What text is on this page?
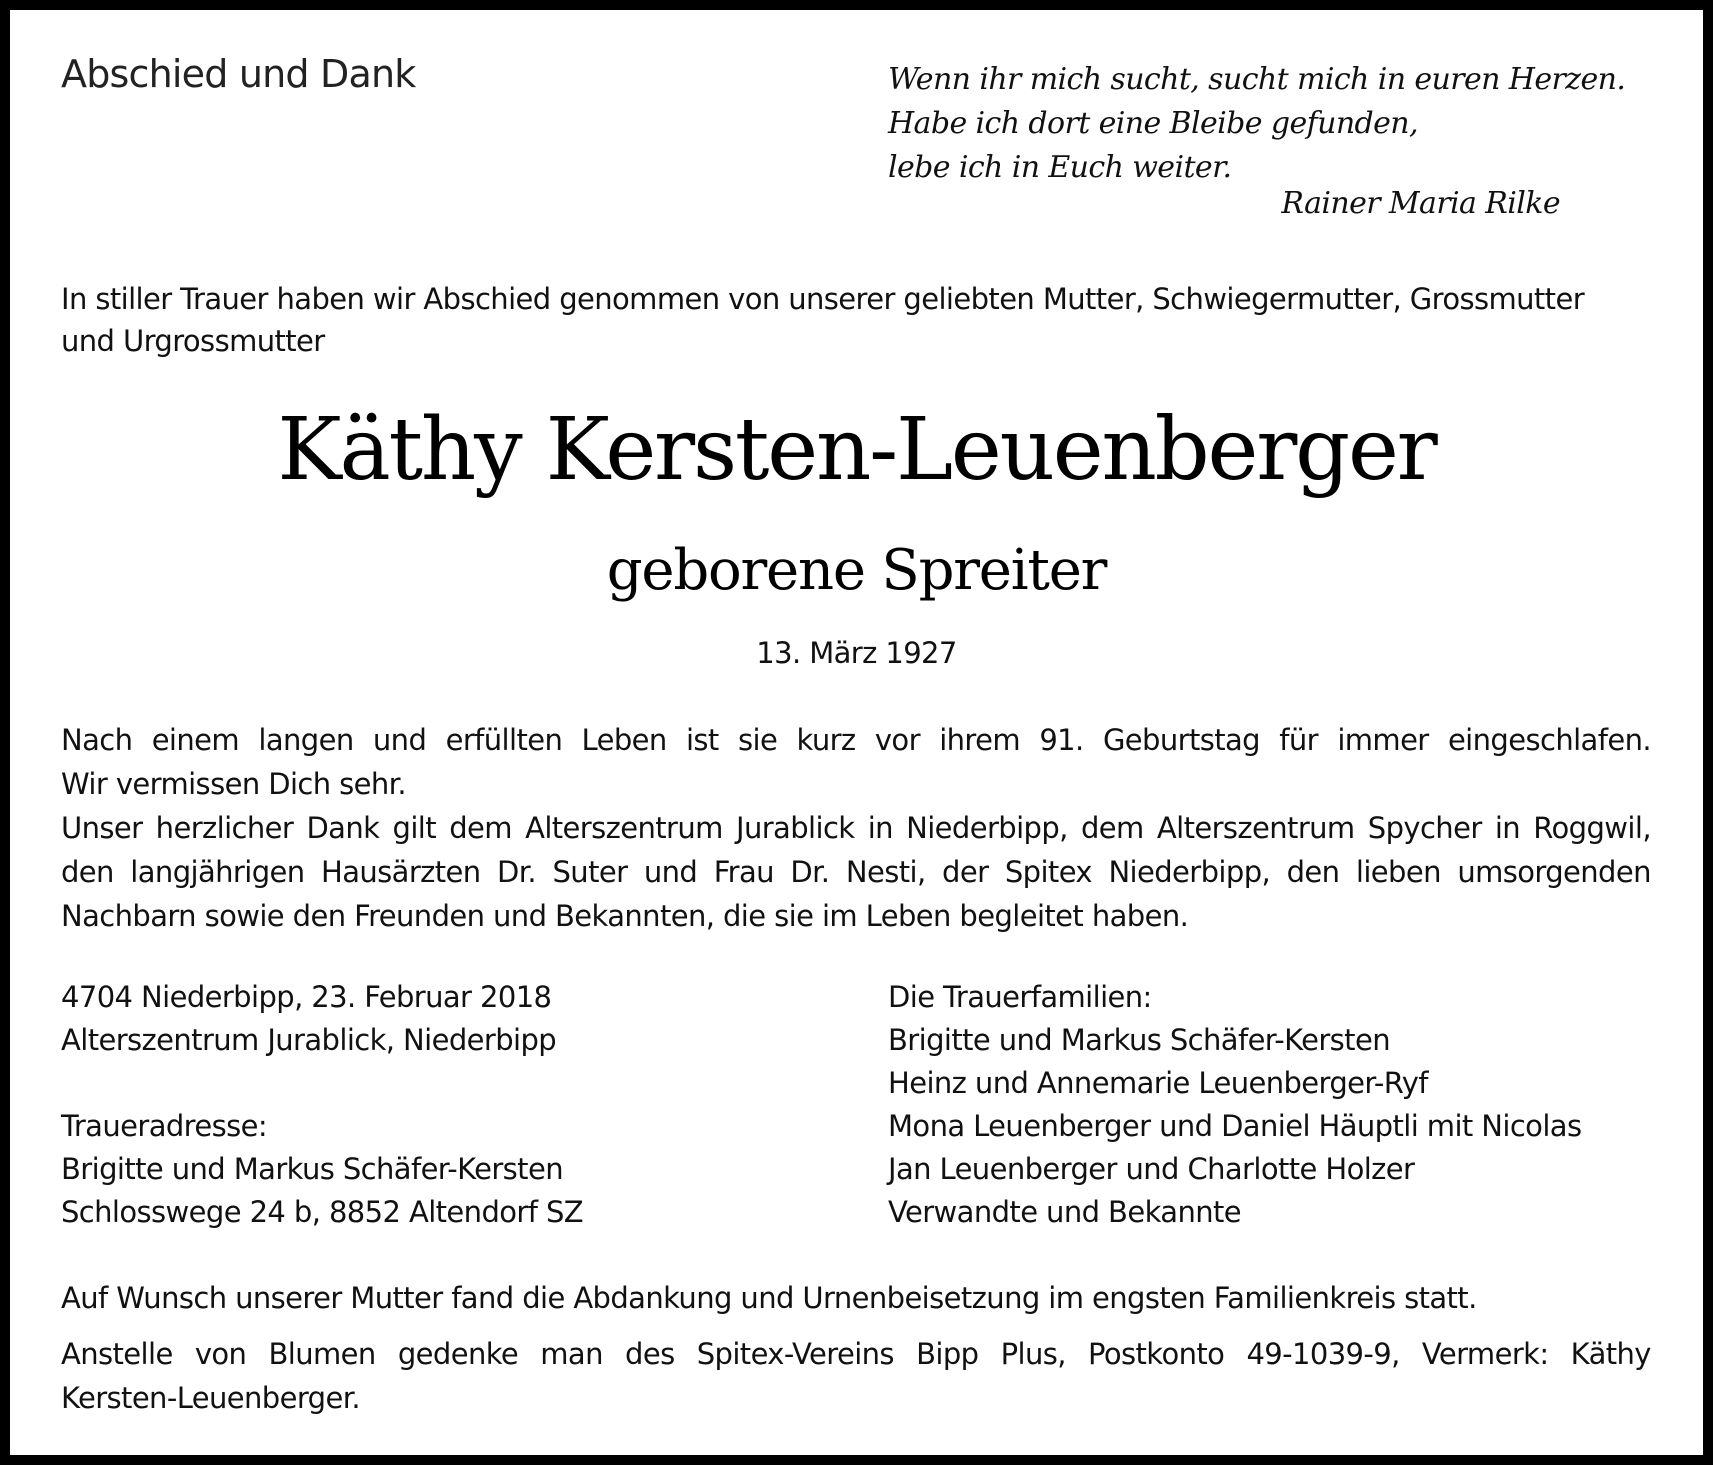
Abschied und Dank	Wenn ihr mich sucht, sucht mich in euren Herzen.
Habe ich dort eine Bleibe gefunden,
lebe ich in Euch weiter.
Rainer Maria Rilke
In stiller Trauer haben wir Abschied genommen von unserer geliebten Mutter, Schwiegermutter, Grossmutter
und Urgrossmutter
Käthy Kersten-Leuenberger
geborene Spreiter
13. März 1927
Nach einem langen und erfüllten Leben ist sie kurz vor ihrem 91. Geburtstag für immer eingeschlafen.
Wir vermissen Dich sehr.
Unser herzlicher Dank gilt dem Alterszentrum Jurablick in Niederbipp, dem Alterszentrum Spycher in Roggwil,
den langjährigen Hausärzten Dr. Suter und Frau Dr. Nesti, der Spitex Niederbipp, den lieben umsorgenden
Nachbarn sowie den Freunden und Bekannten, die sie im Leben begleitet haben.
4704 Niederbipp, 23. Februar 2018
Alterszentrum Jurablick, Niederbipp
Traueradresse:
Brigitte und Markus Schäfer-Kersten
Schlosswege 24 b, 8852 Altendorf SZ
Die Trauerfamilien:
Brigitte und Markus Schäfer-Kersten
Heinz und Annemarie Leuenberger-Ryf
Mona Leuenberger und Daniel Häuptli mit Nicolas
Jan Leuenberger und Charlotte Holzer
Verwandte und Bekannte
Auf Wunsch unserer Mutter fand die Abdankung und Urnenbeisetzung im engsten Familienkreis statt.
Anstelle von Blumen gedenke man des Spitex-Vereins Bipp Plus, Postkonto 49-1039-9, Vermerk: Käthy
Kersten-Leuenberger.
